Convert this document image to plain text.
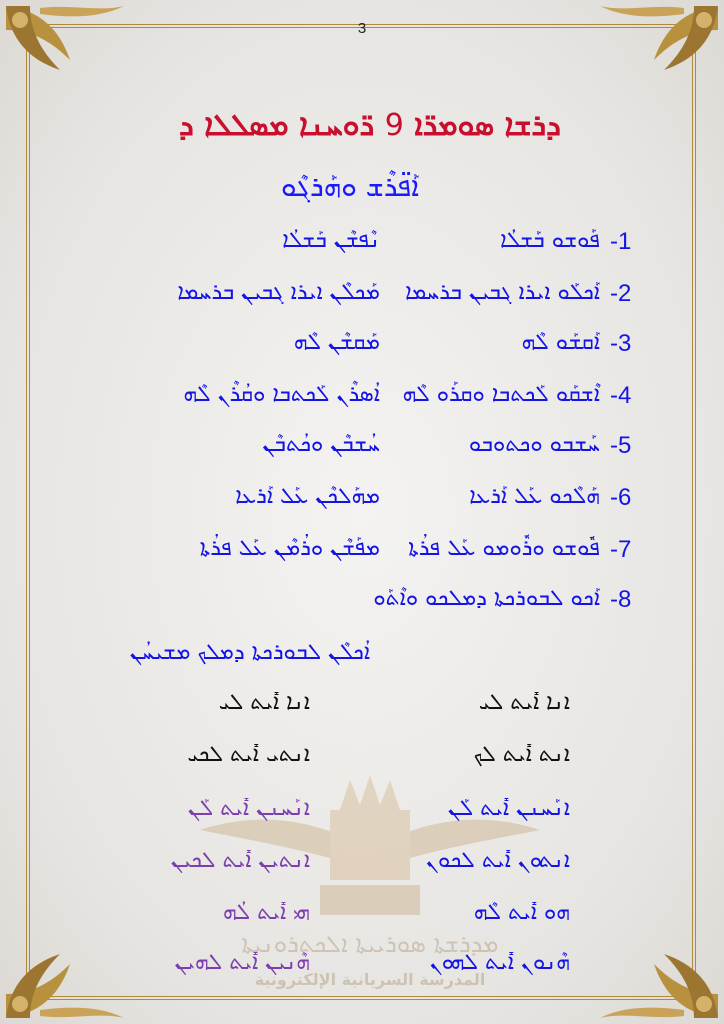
ܡܕܪܫܬܐ ܣܘܪܝܝܬܐ ܐܠܟܬܪܘܢܝܬܐ
المدرسة السريانية الإلكترونية
3
ܕܪܫܐ ܣܘܡܪ̈ܐ 9 ܪ̈ܘܚܢܐ ܡܣܠܠܐ ܕ
ܐܰܦ̈ܪܶܫ ܘܗܰܪܓܶܘ
-1
ܦܰܘܫܘ ܒܰܫܠܳܐ
ܢܶܦܫܶܢ ܒܰܫܠܳܐ
-2
ܐܰܟܠܰܘ ܐܝܪܐ ܓܒܝܢ ܒܪܚܡܐ
ܡܰܟܠܶܢ ܐܝܪܐ ܓܒܝܢ ܒܪܚܡܐ
-3
ܐܰܩܫܰܘ ܠܶܗ
ܡܰܩܫܶܢ ܠܶܗ
-4
ܐܶܫܩܰܘ ܠܰܟܬܒܐ ܘܩܪܰܘ ܠܶܗ
ܐܳܣܪܶܢ ܠܰܟܬܒܐ ܘܩܳܪܶܢ ܠܶܗ
-5
ܚܰܫܒܘ ܘܟܬܘܒܘ
ܚܳܫܒܶܢ ܘܟܳܬܒܶܢ
-6
ܗܰܠܶܟܘ ܥܰܠ ܐܰܪܥܐ
ܡܗܰܠܟܶܢ ܥܰܠ ܐܰܪܥܐ
-7
ܦܽܘܫܘ ܘܪܽܘܡܘ ܥܰܠ ܦܪܳܬܐ
ܡܦܰܫܶܢ ܘܪܳܡܶܢ ܥܰܠ ܦܪܳܬܐ
-8
ܐܰܟܘ ܠܒܘܪܟܬܐ ܕܡܠܟܘ ܘܐܶܬܰܘ
ܐܳܟܠܶܢ ܠܒܘܪܟܬܐ ܕܡܠܟ ܡܫܝܚܳܢ
ܐܢܐ ܐܺܝܬ ܠܝ
ܐܢܐ ܐܺܝܬ ܠܝ
ܐܢܬ ܐܺܝܬ ܠܟ
ܐܢܬܝ ܐܺܝܬ ܠܟܝ
ܐܢܰܚܢܢ ܐܺܝܬ ܠܰܢ
ܐܢܰܚܢܢ ܐܺܝܬ ܠܰܢ
ܐܢܬܘܢ ܐܺܝܬ ܠܟܘܢ
ܐܢܬܝܢ ܐܺܝܬ ܠܟܝܢ
ܗܘ ܐܺܝܬ ܠܶܗ
ܗܝ ܐܺܝܬ ܠܳܗ
ܗܶܢܘܢ ܐܺܝܬ ܠܗܘܢ
ܗܶܢܝܢ ܐܺܝܬ ܠܗܝܢ
